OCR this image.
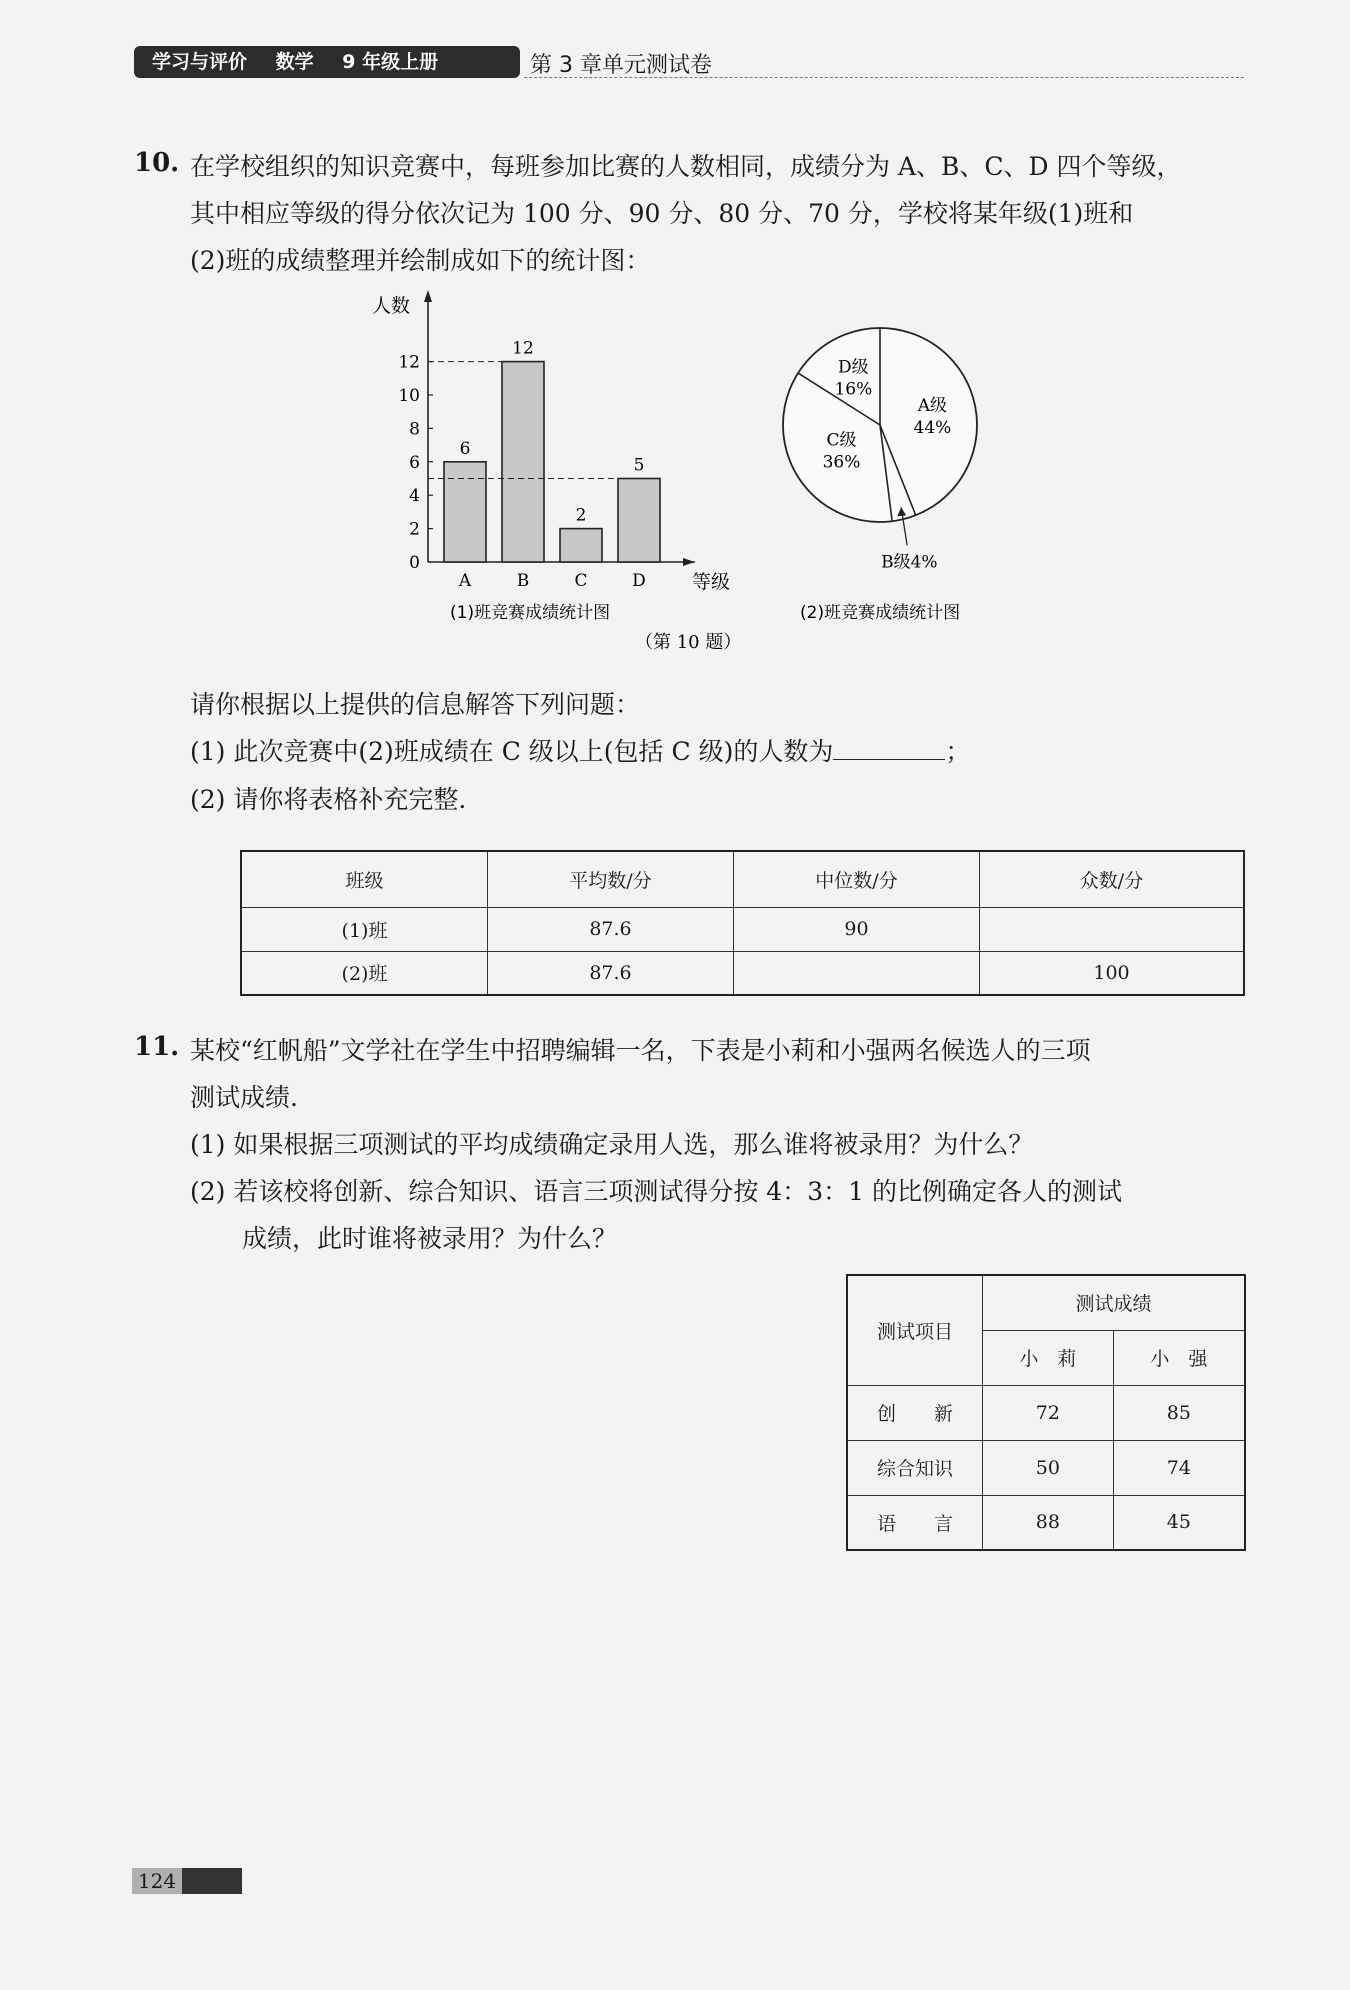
学习与评价 数学 9 年级上册	第 3 章单元测试卷
10. 在学校组织的知识竞赛中，每班参加比赛的人数相同，成绩分为 A、B、C、D 四个等级，
其中相应等级的得分依次记为 100 分、90 分、80 分、70 分，学校将某年级(1)班和
(2)班的成绩整理并绘制成如下的统计图：
人数
等级
0
2
4
6
8
10
12
6
A
12
B
2
C
5
D
(1)班竞赛成绩统计图
（第 10 题）
A级
44%
C级
36%
D级
16%
B级4%
(2)班竞赛成绩统计图
请你根据以上提供的信息解答下列问题：
(1) 此次竞赛中(2)班成绩在 C 级以上(包括 C 级)的人数为	；
(2) 请你将表格补充完整.
班级	平均数/分	中位数/分	众数/分
(1)班	87.6	90	
(2)班	87.6		100
11. 某校“红帆船”文学社在学生中招聘编辑一名，下表是小莉和小强两名候选人的三项
测试成绩.
(1) 如果根据三项测试的平均成绩确定录用人选，那么谁将被录用？为什么？
(2) 若该校将创新、综合知识、语言三项测试得分按 4：3：1 的比例确定各人的测试
成绩，此时谁将被录用？为什么？
测试项目	测试成绩	
	小　莉	小　强
创　　新	72	85
综合知识	50	74
语　　言	88	45
124
